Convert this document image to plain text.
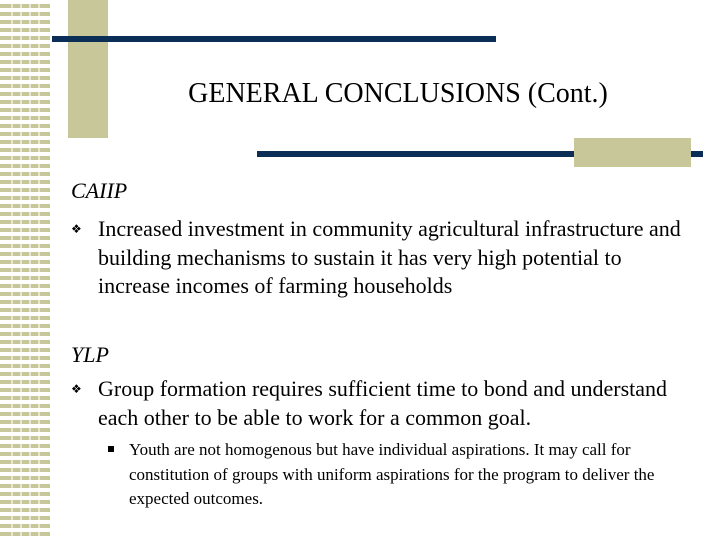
GENERAL CONCLUSIONS (Cont.)
CAIIP
❖ Increased investment in community agricultural infrastructure and building mechanisms to sustain it has very high potential to increase incomes of farming households
YLP
❖ Group formation requires sufficient time to bond and understand each other to be able to work for a common goal.
Youth are not homogenous but have individual aspirations. It may call for constitution of groups with uniform aspirations for the program to deliver the expected outcomes.
